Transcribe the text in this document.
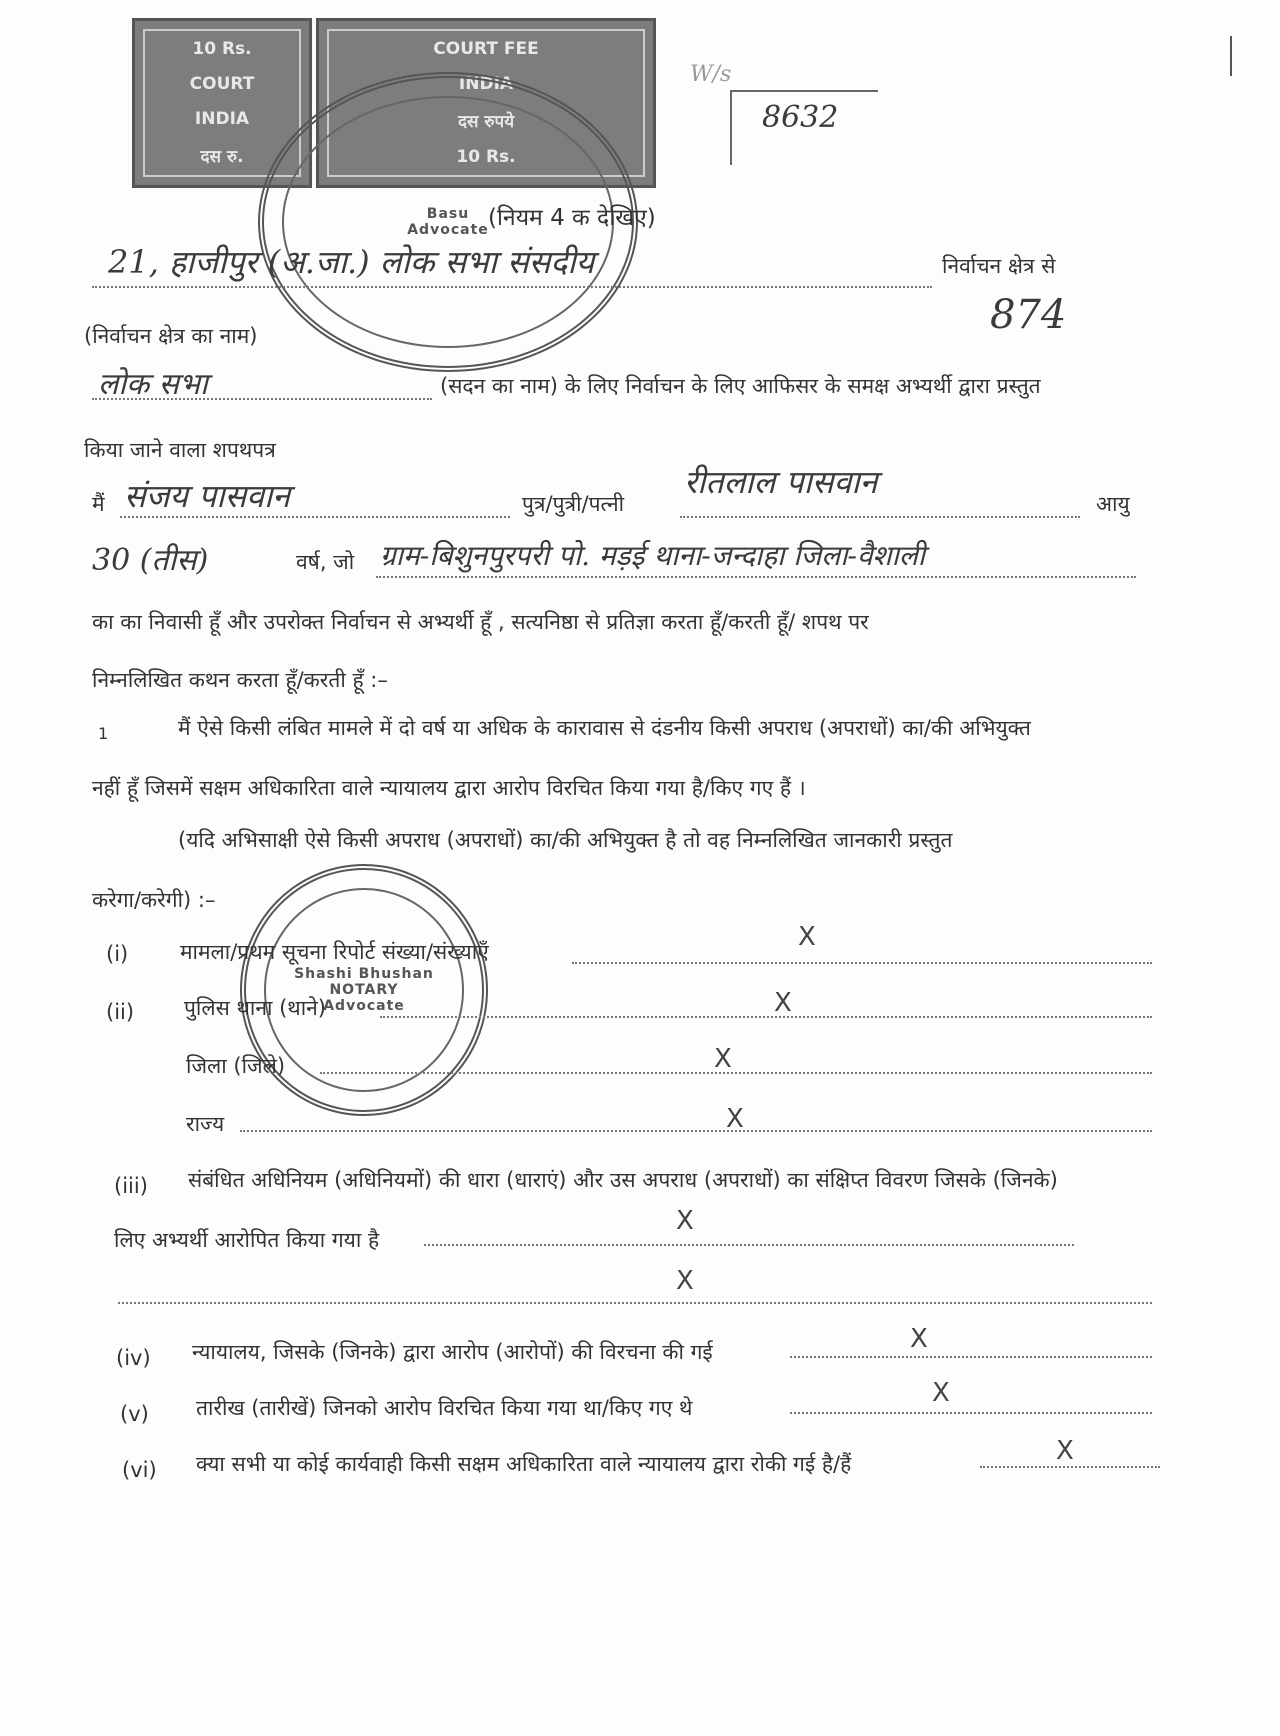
10 Rs.
COURT
INDIA
दस रु.
COURT FEE
INDIA
दस रुपये
10 Rs.
Basu
Advocate
8632
W/s
(नियम 4 क देखिए)
21, हाजीपुर (अ.जा.) लोक सभा संसदीय	निर्वाचन क्षेत्र से
(निर्वाचन क्षेत्र का नाम)	874
लोक सभा	(सदन का नाम) के लिए निर्वाचन के लिए आफिसर के समक्ष अभ्यर्थी द्वारा प्रस्तुत
किया जाने वाला शपथपत्र
मैं संजय पासवान	पुत्र/पुत्री/पत्नी
रीतलाल पासवान
आयु
30 (तीस)	वर्ष, जो ग्राम-बिशुनपुरपरी पो. मड़ई थाना-जन्दाहा जिला-वैशाली
का का निवासी हूँ और उपरोक्त निर्वाचन से अभ्यर्थी हूँ , सत्यनिष्ठा से प्रतिज्ञा करता हूँ/करती हूँ/ शपथ पर
निम्नलिखित कथन करता हूँ/करती हूँ :–
1	मैं ऐसे किसी लंबित मामले में दो वर्ष या अधिक के कारावास से दंडनीय किसी अपराध (अपराधों) का/की अभियुक्त
नहीं हूँ जिसमें सक्षम अधिकारिता वाले न्यायालय द्वारा आरोप विरचित किया गया है/किए गए हैं ।
(यदि अभिसाक्षी ऐसे किसी अपराध (अपराधों) का/की अभियुक्त है तो वह निम्नलिखित जानकारी प्रस्तुत
करेगा/करेगी) :–
Shashi Bhushan
NOTARY
Advocate
(i) मामला/प्रथम सूचना रिपोर्ट संख्या/संख्याएँ	X
(ii) पुलिस थाना (थाने)	X
जिला (जिले)	X
राज्य	X
(iii) संबंधित अधिनियम (अधिनियमों) की धारा (धाराएं) और उस अपराध (अपराधों) का संक्षिप्त विवरण जिसके (जिनके)
लिए अभ्यर्थी आरोपित किया गया है
X
X
(iv) न्यायालय, जिसके (जिनके) द्वारा आरोप (आरोपों) की विरचना की गई	X
(v) तारीख (तारीखें) जिनको आरोप विरचित किया गया था/किए गए थे	X
(vi) क्या सभी या कोई कार्यवाही किसी सक्षम अधिकारिता वाले न्यायालय द्वारा रोकी गई है/हैं	X
